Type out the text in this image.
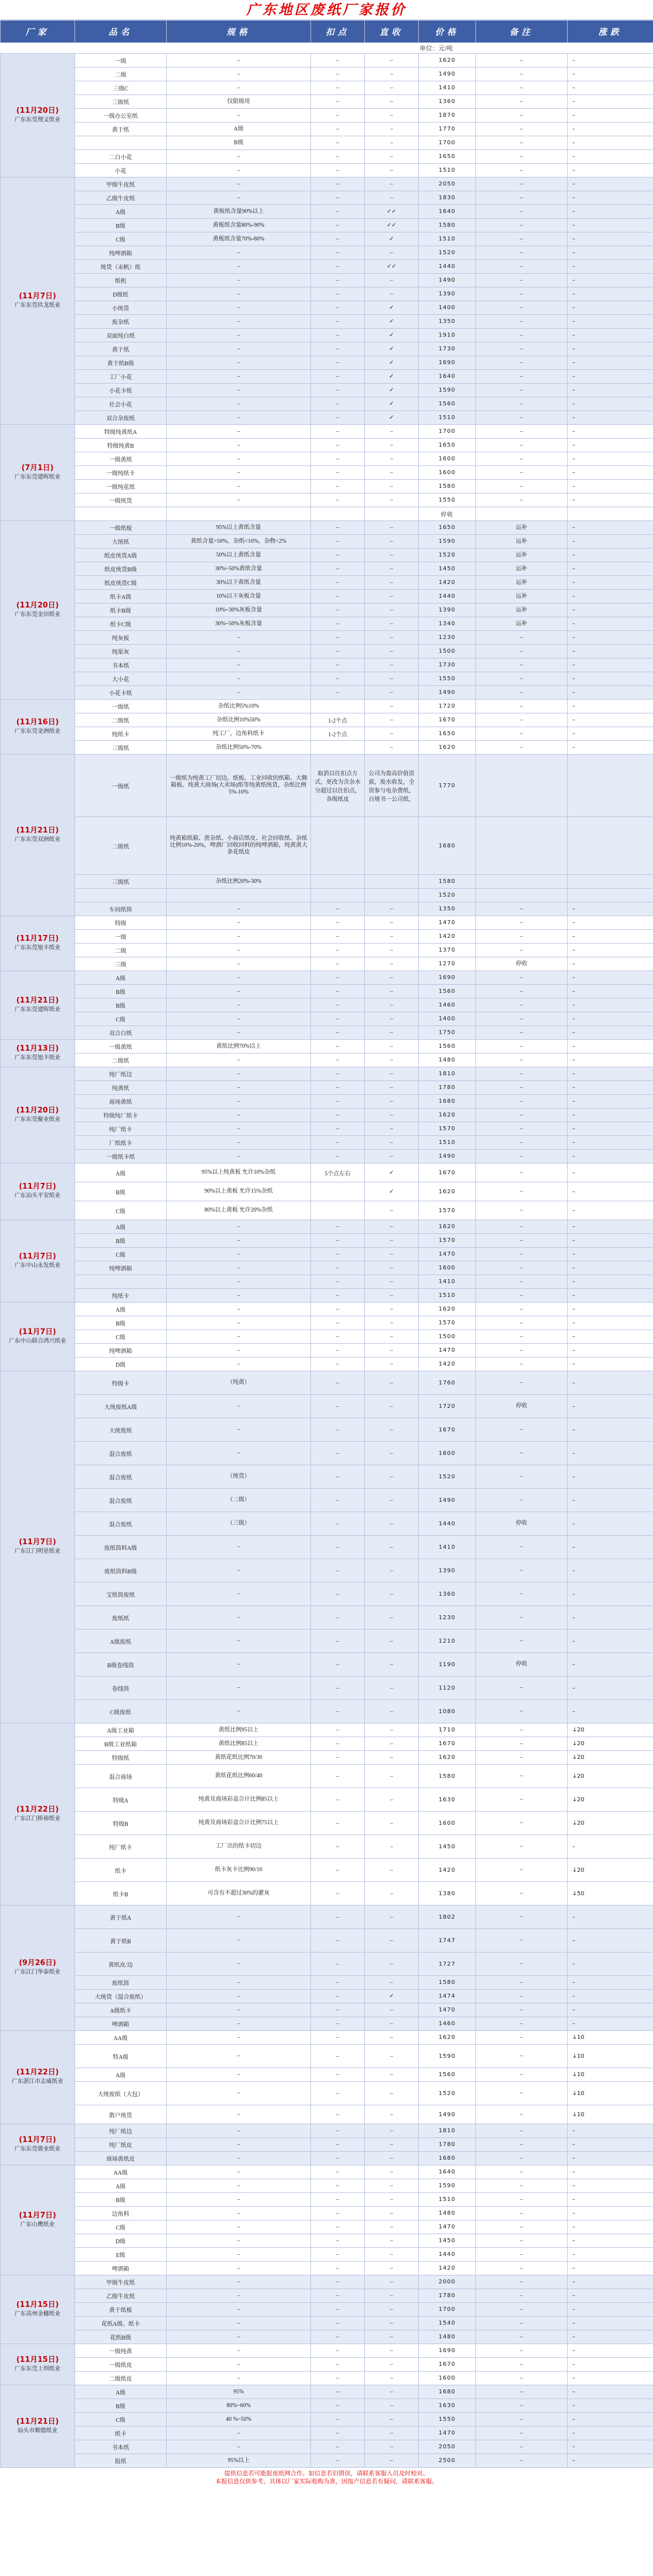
广东地区废纸厂家报价
厂家	品名	规格	扣点	直收	价格	备注	涨跌
					单位：元/吨		

(11月20日)
广东东莞理文纸业	一级	–	–	–	1620	–	–
	二级	–	–	–	1490	–	–
	三级C	–	–	–	1410	–	–
	三级纸	仅限级用	–	–	1360	–	–
	一级办公室纸	–	–	–	1870	–	–
	黄于纸	A级	–	–	1770	–	–
		B级	–	–	1700	–	–
	二白小花	–	–	–	1650	–	–
	小花	–	–	–	1510	–	–

(11月7日)
广东东莞玖龙纸业	甲级牛皮纸	–	–	–	2050	–	–
	乙级牛皮纸	–	–	–	1830	–	–
	A级	黄板纸含量90%以上	–	✓✓	1640	–	–
	B级	黄板纸含量80%-90%	–	✓✓	1580	–	–
	C级	黄板纸含量70%-80%	–	✓	1510	–	–
	纯啤酒箱	–	–	–	1520	–	–
	统货（汞帆）纸	–	–	✓✓	1440	–	–
	纸机	–	–	–	1490	–	–
	D级纸	–	–	–	1390	–	–
	小统货	–	–	✓	1400	–	–
	废杂纸	–	–	✓	1350	–	–
	双面纯白纸	–	–	✓	1910	–	–
	黄于纸	–	–	✓	1730	–	–
	黄于纸B级	–	–	✓	1690	–	–
	工厂小花	–	–	✓	1640	–	–
	小花卡纸	–	–	✓	1590	–	–
	社会小花	–	–	✓	1560	–	–
	双合杂废纸	–	–	✓	1510	–	–

(7月1日)
广东东莞建晖纸业	特级纯黄纸A	–	–	–	1700	–	–
	特级纯黄B	–	–	–	1650	–	–
	一级黄纸	–	–	–	1600	–	–
	一级纯纸卡	–	–	–	1600	–	–
	一级纯花纸	–	–	–	1580	–	–
	一级统货	–	–	–	1550	–	–
					停收		

(11月20日)
广东东莞金田纸业	一级纸板	95%以上黄纸含量	–	–	1650	运补	–
	大统纸	黄纸含量>50%，杂纸<10%，杂物<2%	–	–	1590	运补	–
	纸皮统货A级	50%以上黄纸含量	–	–	1520	运补	–
	纸皮统货B级	30%~50%黄纸含量	–	–	1450	运补	–
	纸皮统货C级	30%以下黄纸含量	–	–	1420	运补	–
	纸卡A级	10%以下灰板含量	–	–	1440	运补	–
	纸卡B级	10%~30%灰板含量	–	–	1390	运补	–
	纸卡C级	30%~50%灰板含量	–	–	1340	运补	–
	纯灰板	–	–	–	1230	–	–
	纯渠灰	–	–	–	1500	–	–
	书本纸	–	–	–	1730	–	–
	大小花	–	–	–	1550	–	–
	小花卡纸	–	–	–	1490	–	–

(11月16日)
广东东莞金洲纸业	一级纸	杂纸比例5%10%		–	1720	–	–
	二级纸	杂纸比例10%50%	1-2个点	–	1670	–	–
	纯纸卡	纯工厂，边角料纸卡	1-2个点	–	1650	–	–
	三级纸	杂纸比例50%-70%		–	1620	–	–

(11月21日)
广东东莞双洲纸业	一级纸	一级纸为纯黄工厂切边、纸板、工业回收的纸箱、大额箱板、纯黄大商场(大卖场)纸等纯黄纸统货，杂纸比例5%-10%	取消以往扣点方式，更改为含杂水分超过以往扣点，各级纸皮	公司为盈高价值资质，废水收发，全资参与电杂费纸，自规书一公司纸，	1770		
	二级纸	纯黄箱纸箱、蔗杂纸、小商店纸皮、社会回收纸、杂纸比例10%-20%，啤酒厂回收回料的纯啤酒箱，纯黄黄大条花纸皮			1680		
	三级纸	杂纸比例20%-30%			1580		
					1520		
	车间纸筒	–	–	–	1350	–	–

(11月17日)
广东东莞旭丰纸业	特级	–	–	–	1470	–	–
	一级	–	–	–	1420	–	–
	二级	–	–	–	1370	–	–
	三级	–	–	–	1270	停收	–

(11月21日)
广东东莞建晖纸业	A级	–	–	–	1690	–	–
	B级	–	–	–	1560	–	–
	B级	–	–	–	1460	–	–
	C级	–	–	–	1400	–	–
	双合白纸	–	–	–	1750	–	–

(11月13日)
广东东莞旭丰纸业	一级黄纸	黄纸比例70%以上	–	–	1560	–	–
	二级纸	–	–	–	1480	–	–

(11月20日)
广东东莞聚业纸业	纯厂纸边	–	–	–	1810	–	–
	纯黄纸	–	–	–	1780	–	–
	商场黄纸	–	–	–	1680	–	–
	特级纯厂纸卡	–	–	–	1620	–	–
	纯厂纸卡	–	–	–	1570	–	–
	厂纸纸卡	–	–	–	1510	–	–
	一级纸卡纸	–	–	–	1490	–	–

(11月7日)
广东汕头平安纸业	A级	95%以上纯黄板 允许10%杂纸	5个点左右	✓	1670	–	–
	B级	90%以上黄板 允许15%杂纸		✓	1620	–	–
	C级	80%以上黄板 允许20%杂纸		–	1570	–	–

(11月7日)
广东中山永发纸业	A级	–	–	–	1620	–	–
	B级	–	–	–	1570	–	–
	C级	–	–	–	1470	–	–
	纯啤酒箱	–	–	–	1600	–	–
		–	–	–	1410	–	–
	纯纸卡	–	–	–	1510	–	–

(11月7日)
广东中山联合鸿兴纸业	A级	–	–	–	1620	–	–
	B级	–	–	–	1570	–	–
	C级	–	–	–	1500	–	–
	纯啤酒箱	–	–	–	1470	–	–
	D级	–	–	–	1420	–	–

(11月7日)
广东江门明星纸业	特级卡	（纯黄）	–	–	1760	–	–
	大统废纸A级	–	–	–	1720	停收	–
	大统废纸	–	–	–	1670	–	–
	混合废纸	–	–	–	1600	–	–
	混合废纸	（统货）	–	–	1520	–	–
	混合废纸	（二级）	–	–	1490	–	–
	混合废纸	（三级）	–	–	1440	停收	–
	废纸筒料A级	–	–	–	1410	–	–
	废纸筒料B级	–	–	–	1390	–	–
	宝纸筒废纸	–	–	–	1360	–	–
	废纸纸	–	–	–	1230	–	–
	A级废纸	–	–	–	1210	–	–
	B级卷线筒	–	–	–	1190	停收	–
	卷线筒	–	–	–	1120	–	–
	C级废纸	–	–	–	1080	–	–

(11月22日)
广东江门桥裕纸业	A级工业箱	黄纸比例95以上	–	–	1710	–	↓20
	B级工业纸箱	黄纸比例85以上	–	–	1670	–	↓20
	特级纸	黄纸花纸比例70/30	–	–	1620	–	↓20
	混合商场	黄纸花纸比例60/40	–	–	1580	–	↓20
	特级A	纯黄及商场彩盒合计比例85以上	–	–	1630	–	↓20
	特级B	纯黄及商场彩盒合计比例75以上	–	–	1600	–	↓20
	纯厂纸卡	工厂出的纸卡切边	–	–	1450	–	–
	纸卡	纸卡灰卡比例90/10	–	–	1420	–	↓20
	纸卡B	可含有不超过30%的灌灰	–	–	1380	–	↓50

(9月26日)
广东江门华泰纸业	黄于纸A	–	–	–	1802	–	–
	黄于纸B	–	–	–	1747	–	–
	黄纸皮/边	–	–	–	1727	–	–
	废纸筒	–	–	–	1580	–	–
	大统货（混合废纸）	–	–	✓	1474	–	–
	A级纸卡	–	–	–	1470	–	–
	啤酒箱	–	–	–	1460	–	–

(11月22日)
广东湛江市志威纸业	AA级	–	–	–	1620	–	↓10
	特A级	–	–	–	1590	–	↓10
	A级	–	–	–	1560	–	↓10
	大统废纸（大包）	–	–	–	1520	–	↓10
	散户统货	–	–	–	1490	–	↓10

(11月7日)
广东东莞骏业纸业	纯厂纸边	–	–	–	1810	–	–
	纯厂纸皮	–	–	–	1780	–	–
	商场黄纸皮	–	–	–	1680	–	–

(11月7日)
广东山鹰纸业	AA级	–	–	–	1640	–	–
	A级	–	–	–	1590	–	–
	B级	–	–	–	1510	–	–
	边角料	–	–	–	1480	–	–
	C级	–	–	–	1470	–	–
	D级	–	–	–	1450	–	–
	E级	–	–	–	1440	–	–
	啤酒箱	–	–	–	1420	–	–

(11月15日)
广东高州金穗纸业	甲级牛皮纸	–	–	–	2000	–	–
	乙级牛皮纸	–	–	–	1780	–	–
	黄于纸板	–	–	–	1700	–	–
	花纸A级、纸卡	–	–	–	1540	–	–
	花纸B级	–	–	–	1480	–	–

(11月15日)
广东东莞上圳纸业	一级纯黄	–	–	–	1690	–	–
	一级纸皮	–	–	–	1670	–	–
	二级纸皮	–	–	–	1600	–	–

(11月21日)
汕头市顺德纸业	A级	95%	–	–	1680	–	–
	B级	80%~60%	–	–	1630	–	–
	C级	40 %~50%	–	–	1550	–	–
	纸卡	–	–	–	1470	–	–
	书本纸	–	–	–	2050	–	–
	报纸	95%以上	–	–	2500	–	–
提供信息若可能报废纸网合作。如信息若旧错误，请联系客服人员及时校对。
本报信息仅供参考，具体以厂家实际收购为准，因按产信息若有疑问，请联系客服。
